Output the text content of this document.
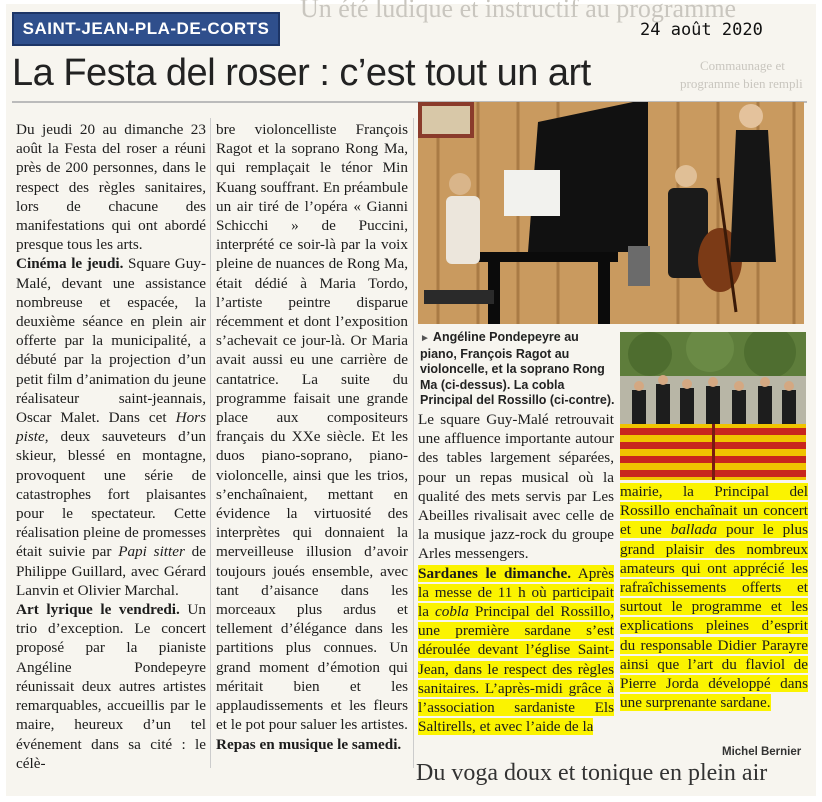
Un été ludique et instructif au programme
Commaunage et
programme bien rempli
SAINT-JEAN-PLA-DE-CORTS	24 août 2020
La Festa del roser : c’est tout un art

Du jeudi 20 au dimanche 23 août la Festa del roser a réuni près de 200 personnes, dans le respect des règles sanitaires, lors de chacune des manifestations qui ont abordé presque tous les arts.

Cinéma le jeudi. Square Guy-Malé, devant une assistance nombreuse et espacée, la deuxième séance en plein air offerte par la municipalité, a débuté par la projection d’un petit film d’animation du jeune réalisateur saint-jeannais, Oscar Malet. Dans cet Hors piste, deux sauveteurs d’un skieur, blessé en montagne, provoquent une série de catastrophes fort plaisantes pour le spectateur. Cette réalisation pleine de promesses était suivie par Papi sitter de Philippe Guillard, avec Gérard Lanvin et Olivier Marchal.

Art lyrique le vendredi. Un trio d’exception. Le concert proposé par la pianiste Angéline Pondepeyre réunissait deux autres artistes remarquables, accueillis par le maire, heureux d’un tel événement dans sa cité : le célè-

bre violoncelliste François Ragot et la soprano Rong Ma, qui remplaçait le ténor Min Kuang souffrant. En préambule un air tiré de l’opéra « Gianni Schicchi » de Puccini, interprété ce soir-là par la voix pleine de nuances de Rong Ma, était dédié à Maria Tordo, l’artiste peintre disparue récemment et dont l’exposition s’achevait ce jour-là. Or Maria avait aussi eu une carrière de cantatrice. La suite du programme faisait une grande place aux compositeurs français du XXe siècle. Et les duos piano-soprano, piano-violoncelle, ainsi que les trios, s’enchaînaient, mettant en évidence la virtuosité des interprètes qui donnaient la merveilleuse illusion d’avoir toujours joués ensemble, avec tant d’aisance dans les morceaux plus ardus et tellement d’élégance dans les partitions plus connues. Un grand moment d’émotion qui méritait bien et les applaudissements et les fleurs et le pot pour saluer les artistes.

Repas en musique le samedi.

► Angéline Pondepeyre au piano, François Ragot au violoncelle, et la soprano Rong Ma (ci-dessus). La cobla Principal del Rossillo (ci-contre).

Le square Guy-Malé retrouvait une affluence importante autour des tables largement séparées, pour un repas musical où la qualité des mets servis par Les Abeilles rivalisait avec celle de la musique jazz-rock du groupe Arles messengers.

Sardanes le dimanche. Après la messe de 11 h où participait la cobla Principal del Rossillo, une première sardane s’est déroulée devant l’église Saint-Jean, dans le respect des règles sanitaires. L’après-midi grâce à l’association sardaniste Els Saltirells, et avec l’aide de la

mairie, la Principal del Rossillo enchaînait un concert et une ballada pour le plus grand plaisir des nombreux amateurs qui ont apprécié les rafraîchissements offerts et surtout le programme et les explications pleines d’esprit du responsable Didier Parayre ainsi que l’art du flaviol de Pierre Jorda développé dans une surprenante sardane.

Michel Bernier
Du voga doux et tonique en plein air
